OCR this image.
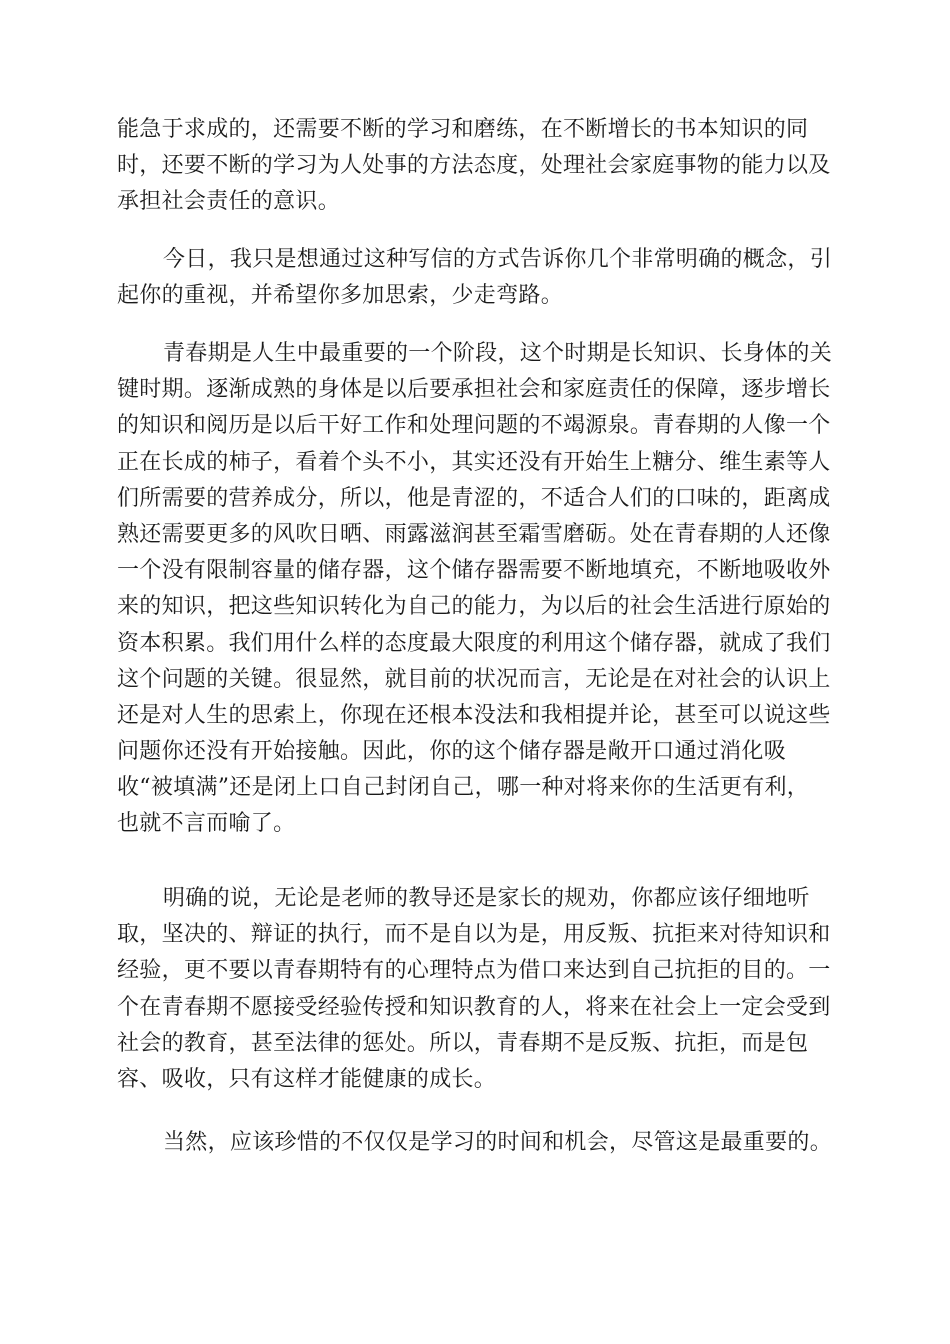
能急于求成的，还需要不断的学习和磨练，在不断增长的书本知识的同
时，还要不断的学习为人处事的方法态度，处理社会家庭事物的能力以及
承担社会责任的意识。
今日，我只是想通过这种写信的方式告诉你几个非常明确的概念，引
起你的重视，并希望你多加思索，少走弯路。
青春期是人生中最重要的一个阶段，这个时期是长知识、长身体的关
键时期。逐渐成熟的身体是以后要承担社会和家庭责任的保障，逐步增长
的知识和阅历是以后干好工作和处理问题的不竭源泉。青春期的人像一个
正在长成的柿子，看着个头不小，其实还没有开始生上糖分、维生素等人
们所需要的营养成分，所以，他是青涩的，不适合人们的口味的，距离成
熟还需要更多的风吹日晒、雨露滋润甚至霜雪磨砺。处在青春期的人还像
一个没有限制容量的储存器，这个储存器需要不断地填充，不断地吸收外
来的知识，把这些知识转化为自己的能力，为以后的社会生活进行原始的
资本积累。我们用什么样的态度最大限度的利用这个储存器，就成了我们
这个问题的关键。很显然，就目前的状况而言，无论是在对社会的认识上
还是对人生的思索上，你现在还根本没法和我相提并论，甚至可以说这些
问题你还没有开始接触。因此，你的这个储存器是敞开口通过消化吸
收“被填满”还是闭上口自己封闭自己，哪一种对将来你的生活更有利，
也就不言而喻了。
明确的说，无论是老师的教导还是家长的规劝，你都应该仔细地听
取，坚决的、辩证的执行，而不是自以为是，用反叛、抗拒来对待知识和
经验，更不要以青春期特有的心理特点为借口来达到自己抗拒的目的。一
个在青春期不愿接受经验传授和知识教育的人，将来在社会上一定会受到
社会的教育，甚至法律的惩处。所以，青春期不是反叛、抗拒，而是包
容、吸收，只有这样才能健康的成长。
当然，应该珍惜的不仅仅是学习的时间和机会，尽管这是最重要的。
